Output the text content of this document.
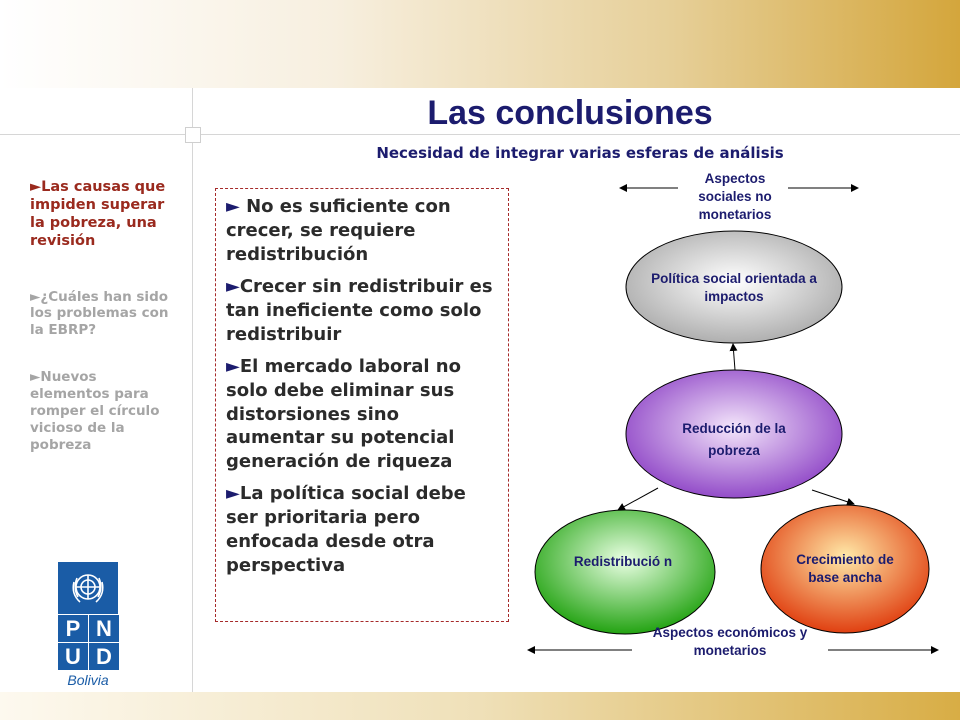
Las conclusiones
Necesidad de integrar varias esferas de análisis
►Las causas que impiden superar la pobreza, una revisión
►¿Cuáles han sido los problemas con la EBRP?
►Nuevos elementos para romper el círculo vicioso de la pobreza
P N
U D
Bolivia
► No es suficiente con crecer, se requiere redistribución
►Crecer sin redistribuir es tan ineficiente como solo redistribuir
►El mercado laboral no solo debe eliminar sus distorsiones sino aumentar su potencial generación de riqueza
►La política social debe ser prioritaria pero enfocada desde otra perspectiva
Aspectos sociales no monetarios
Aspectos económicos y monetarios
Política social orientada a impactos
Reducción de la pobreza
Redistribució n	Crecimiento de base ancha
